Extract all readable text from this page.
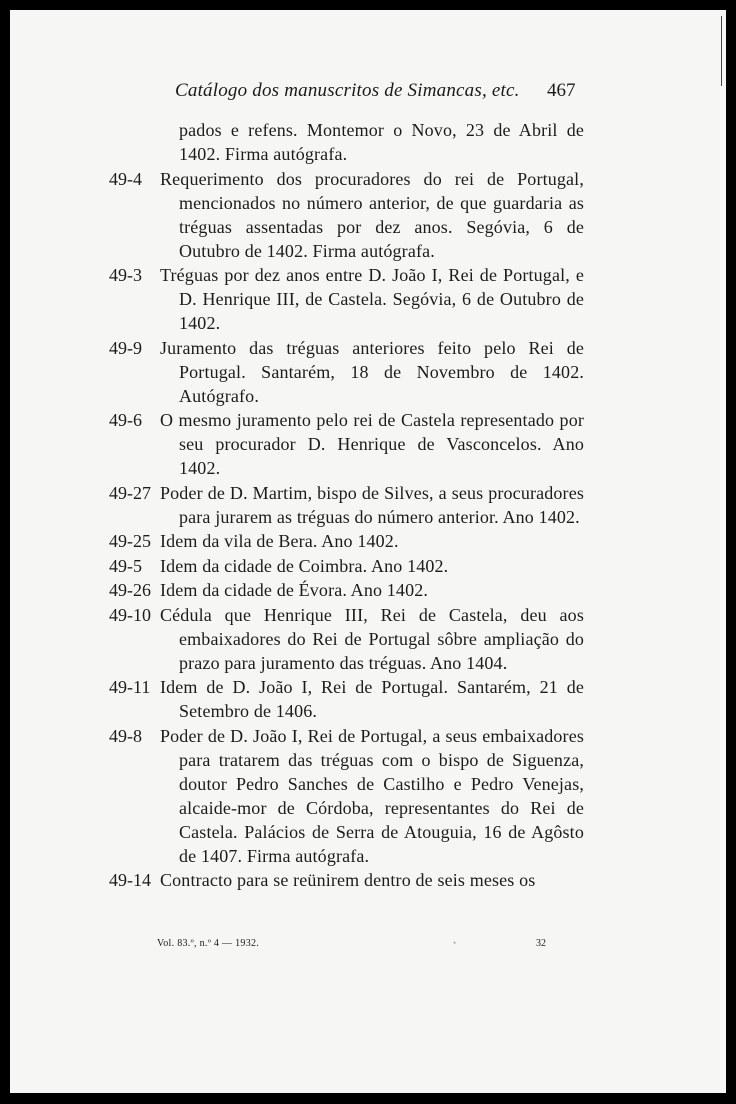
Catálogo dos manuscritos de Simancas, etc. 467
pados e refens. Montemor o Novo, 23 de Abril de 1402. Firma autógrafa.
49-4	Requerimento dos procuradores do rei de Portugal, mencionados no número anterior, de que guardaria as tréguas assentadas por dez anos. Segóvia, 6 de Outubro de 1402. Firma autógrafa.
49-3	Tréguas por dez anos entre D. João I, Rei de Portugal, e D. Henrique III, de Castela. Segóvia, 6 de Outubro de 1402.
49-9	Juramento das tréguas anteriores feito pelo Rei de Portugal. Santarém, 18 de Novembro de 1402. Autógrafo.
49-6	O mesmo juramento pelo rei de Castela representado por seu procurador D. Henrique de Vasconcelos. Ano 1402.
49-27 Poder de D. Martim, bispo de Silves, a seus procuradores para jurarem as tréguas do número anterior. Ano 1402.
49-25 Idem da vila de Bera. Ano 1402.
49-5	Idem da cidade de Coimbra. Ano 1402.
49-26 Idem da cidade de Évora. Ano 1402.
49-10 Cédula que Henrique III, Rei de Castela, deu aos embaixadores do Rei de Portugal sôbre ampliação do prazo para juramento das tréguas. Ano 1404.
49-11 Idem de D. João I, Rei de Portugal. Santarém, 21 de Setembro de 1406.
49-8	Poder de D. João I, Rei de Portugal, a seus embaixadores para tratarem das tréguas com o bispo de Siguenza, doutor Pedro Sanches de Castilho e Pedro Venejas, alcaide-mor de Córdoba, representantes do Rei de Castela. Palácios de Serra de Atouguia, 16 de Agôsto de 1407. Firma autógrafa.
49-14 Contracto para se reünirem dentro de seis meses os
Vol. 83.º, n.º 4 — 1932.	•	32
